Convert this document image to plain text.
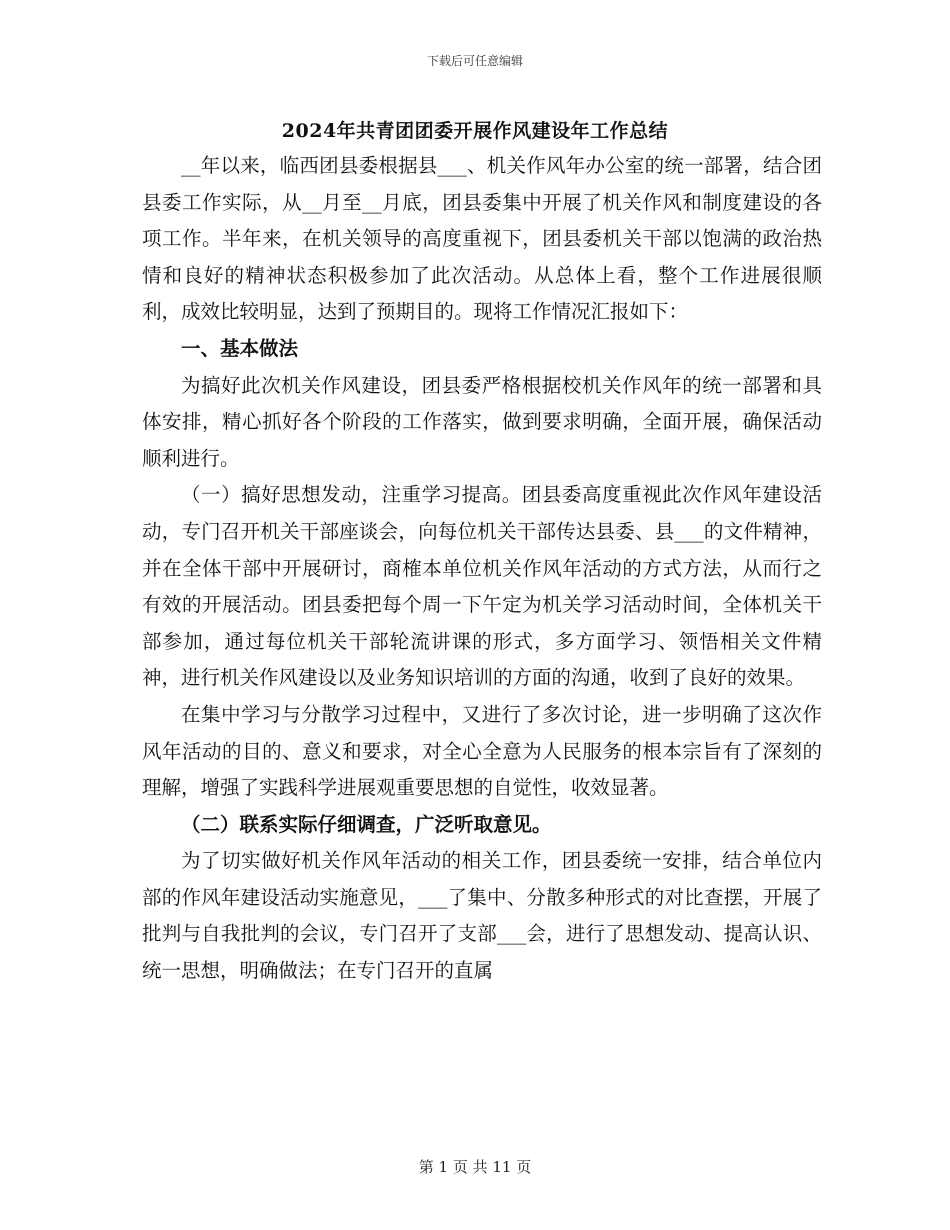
下载后可任意编辑
2024年共青团团委开展作风建设年工作总结

__年以来，临西团县委根据县___、机关作风年办公室的统一部署，结合团县委工作实际，从__月至__月底，团县委集中开展了机关作风和制度建设的各项工作。半年来，在机关领导的高度重视下，团县委机关干部以饱满的政治热情和良好的精神状态积极参加了此次活动。从总体上看，整个工作进展很顺利，成效比较明显，达到了预期目的。现将工作情况汇报如下：

一、基本做法

为搞好此次机关作风建设，团县委严格根据校机关作风年的统一部署和具体安排，精心抓好各个阶段的工作落实，做到要求明确，全面开展，确保活动顺利进行。

（一）搞好思想发动，注重学习提高。团县委高度重视此次作风年建设活动，专门召开机关干部座谈会，向每位机关干部传达县委、县___的文件精神，并在全体干部中开展研讨，商榷本单位机关作风年活动的方式方法，从而行之有效的开展活动。团县委把每个周一下午定为机关学习活动时间，全体机关干部参加，通过每位机关干部轮流讲课的形式，多方面学习、领悟相关文件精神，进行机关作风建设以及业务知识培训的方面的沟通，收到了良好的效果。

在集中学习与分散学习过程中，又进行了多次讨论，进一步明确了这次作风年活动的目的、意义和要求，对全心全意为人民服务的根本宗旨有了深刻的理解，增强了实践科学进展观重要思想的自觉性，收效显著。

（二）联系实际仔细调查，广泛听取意见。

为了切实做好机关作风年活动的相关工作，团县委统一安排，结合单位内部的作风年建设活动实施意见，___了集中、分散多种形式的对比查摆，开展了批判与自我批判的会议，专门召开了支部___会，进行了思想发动、提高认识、统一思想，明确做法；在专门召开的直属

第 1 页 共 11 页
